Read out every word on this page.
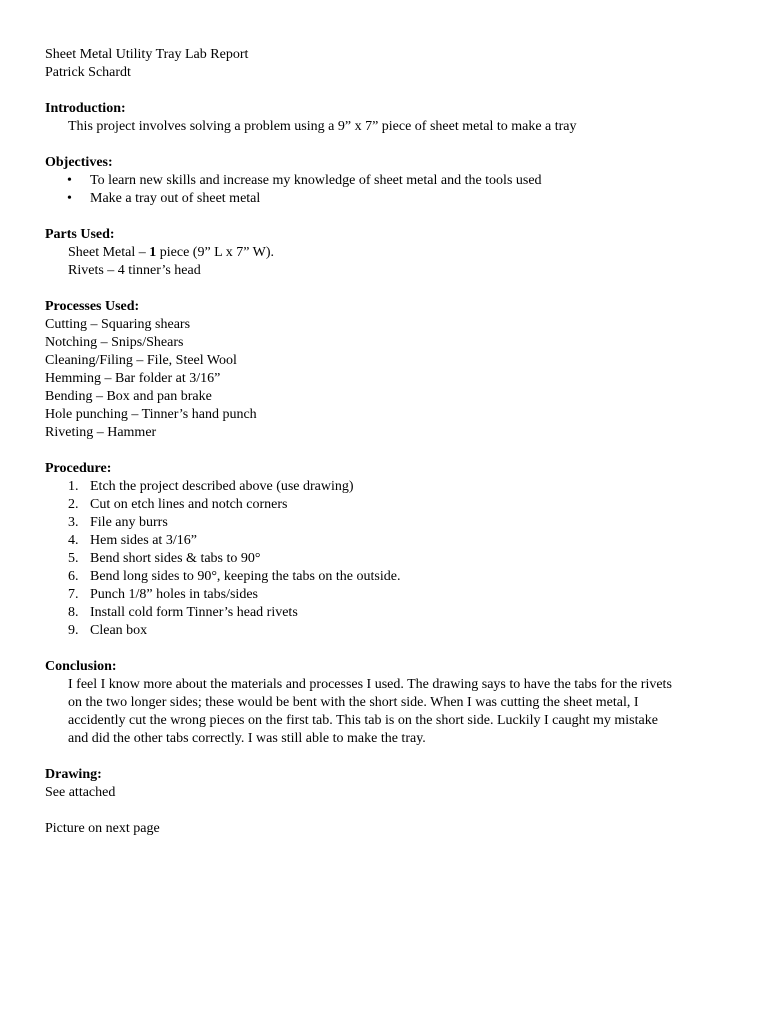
Sheet Metal Utility Tray Lab Report
Patrick Schardt
Introduction:
This project involves solving a problem using a 9” x 7” piece of sheet metal to make a tray
Objectives:
• To learn new skills and increase my knowledge of sheet metal and the tools used
• Make a tray out of sheet metal
Parts Used:
Sheet Metal – 1 piece (9” L x 7” W).
Rivets – 4 tinner’s head
Processes Used:
Cutting – Squaring shears
Notching – Snips/Shears
Cleaning/Filing – File, Steel Wool
Hemming – Bar folder at 3/16”
Bending – Box and pan brake
Hole punching – Tinner’s hand punch
Riveting – Hammer
Procedure:
1. Etch the project described above (use drawing)
2. Cut on etch lines and notch corners
3. File any burrs
4. Hem sides at 3/16”
5. Bend short sides & tabs to 90°
6. Bend long sides to 90°, keeping the tabs on the outside.
7. Punch 1/8” holes in tabs/sides
8. Install cold form Tinner’s head rivets
9. Clean box
Conclusion:
I feel I know more about the materials and processes I used. The drawing says to have the tabs for the rivets
on the two longer sides; these would be bent with the short side. When I was cutting the sheet metal, I
accidently cut the wrong pieces on the first tab. This tab is on the short side. Luckily I caught my mistake
and did the other tabs correctly. I was still able to make the tray.
Drawing:
See attached
Picture on next page
